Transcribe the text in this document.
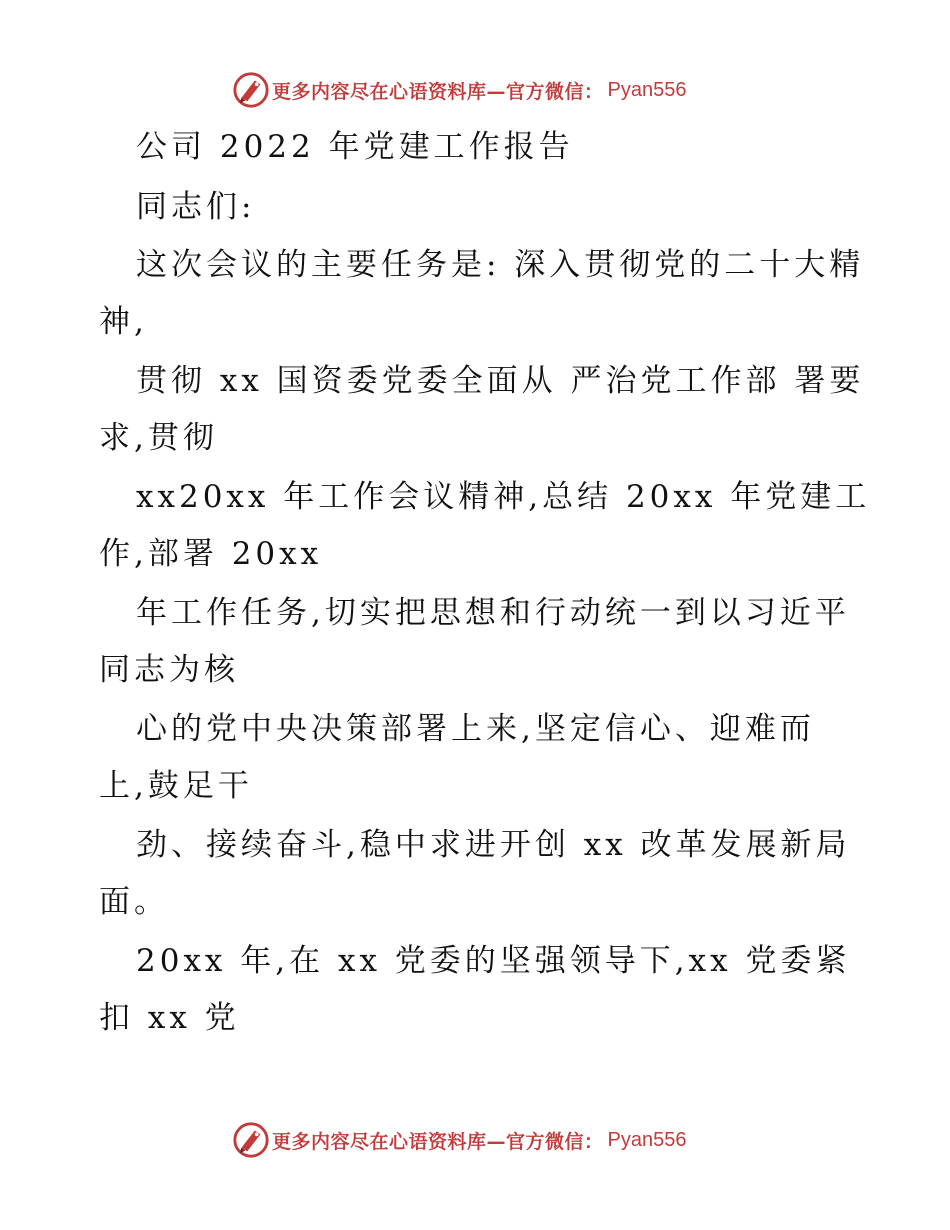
更多内容尽在心语资料库—官方微信： Pyan556
公司 2022 年党建工作报告
同志们:
这次会议的主要任务是: 深入贯彻党的二十大精
神,
贯彻 xx 国资委党委全面从 严治党工作部 署要
求,贯彻
xx20xx 年工作会议精神,总结 20xx 年党建工
作,部署 20xx
年工作任务,切实把思想和行动统一到以习近平
同志为核
心的党中央决策部署上来,坚定信心、迎难而
上,鼓足干
劲、接续奋斗,稳中求进开创 xx 改革发展新局
面。
20xx 年,在 xx 党委的坚强领导下,xx 党委紧
扣 xx 党
更多内容尽在心语资料库—官方微信： Pyan556
